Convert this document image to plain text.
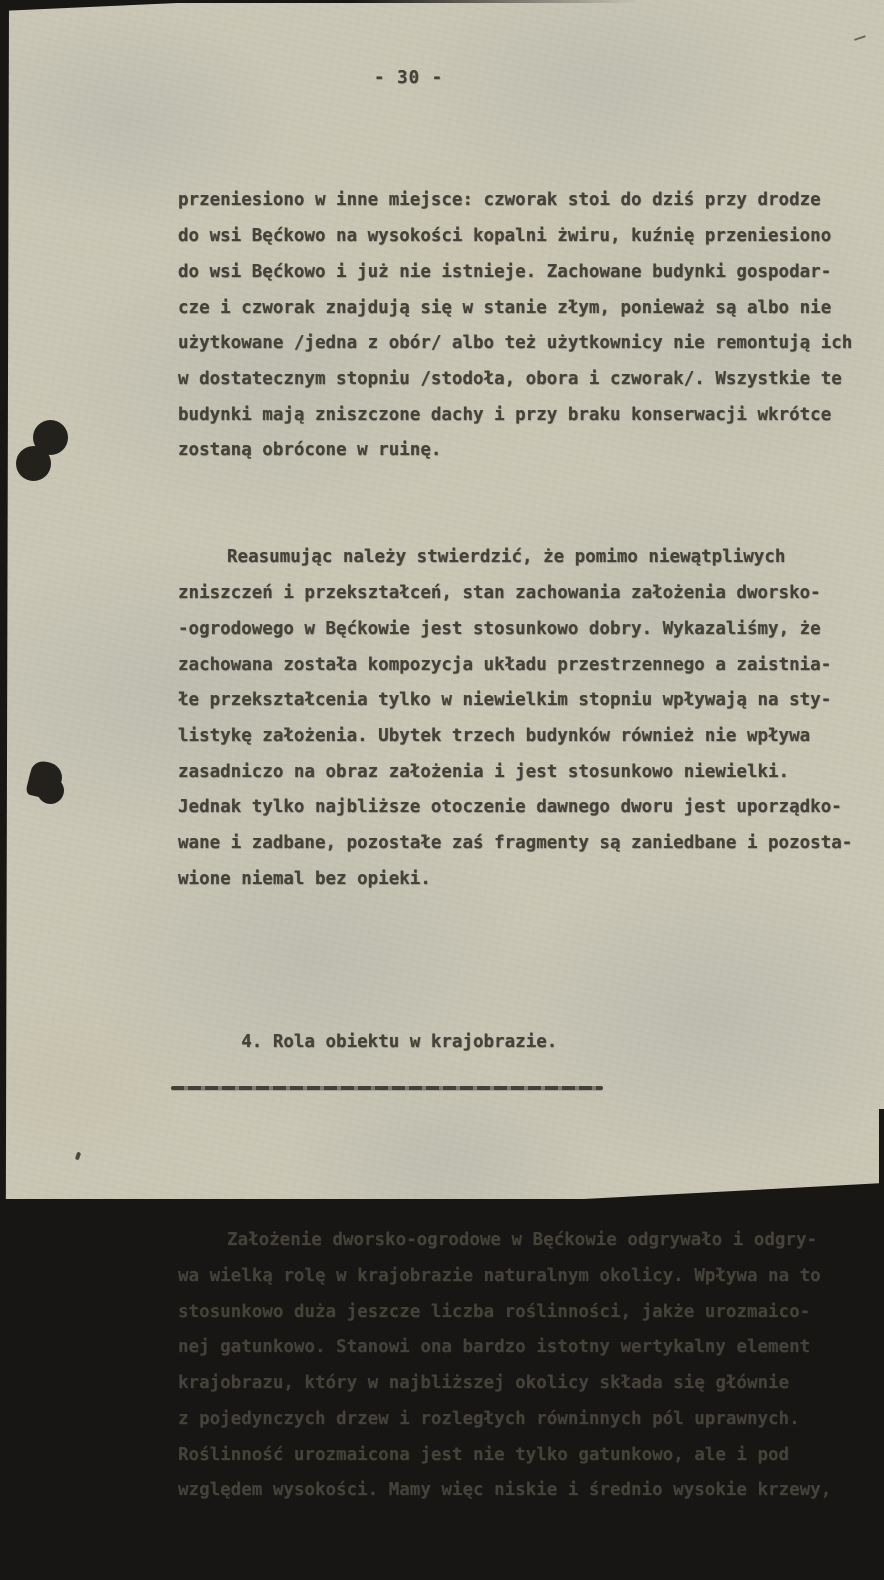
- 30 -

przeniesiono w inne miejsce: czworak stoi do dziś przy drodze
do wsi Bęćkowo na wysokości kopalni żwiru, kuźnię przeniesiono
do wsi Bęćkowo i już nie istnieje. Zachowane budynki gospodar-
cze i czworak znajdują się w stanie złym, ponieważ są albo nie
użytkowane /jedna z obór/ albo też użytkownicy nie remontują ich
w dostatecznym stopniu /stodoła, obora i czworak/. Wszystkie te
budynki mają zniszczone dachy i przy braku konserwacji wkrótce
zostaną obrócone w ruinę.

Reasumując należy stwierdzić, że pomimo niewątpliwych
zniszczeń i przekształceń, stan zachowania założenia dworsko-
-ogrodowego w Bęćkowie jest stosunkowo dobry. Wykazaliśmy, że
zachowana została kompozycja układu przestrzennego a zaistnia-
łe przekształcenia tylko w niewielkim stopniu wpływają na sty-
listykę założenia. Ubytek trzech budynków również nie wpływa
zasadniczo na obraz założenia i jest stosunkowo niewielki.
Jednak tylko najbliższe otoczenie dawnego dworu jest uporządko-
wane i zadbane, pozostałe zaś fragmenty są zaniedbane i pozosta-
wione niemal bez opieki.

4. Rola obiektu w krajobrazie.

Założenie dworsko-ogrodowe w Bęćkowie odgrywało i odgry-
wa wielką rolę w krajobrazie naturalnym okolicy. Wpływa na to
stosunkowo duża jeszcze liczba roślinności, jakże urozmaico-
nej gatunkowo. Stanowi ona bardzo istotny wertykalny element
krajobrazu, który w najbliższej okolicy składa się głównie
z pojedynczych drzew i rozległych równinnych pól uprawnych.
Roślinność urozmaicona jest nie tylko gatunkowo, ale i pod
względem wysokości. Mamy więc niskie i średnio wysokie krzewy,
